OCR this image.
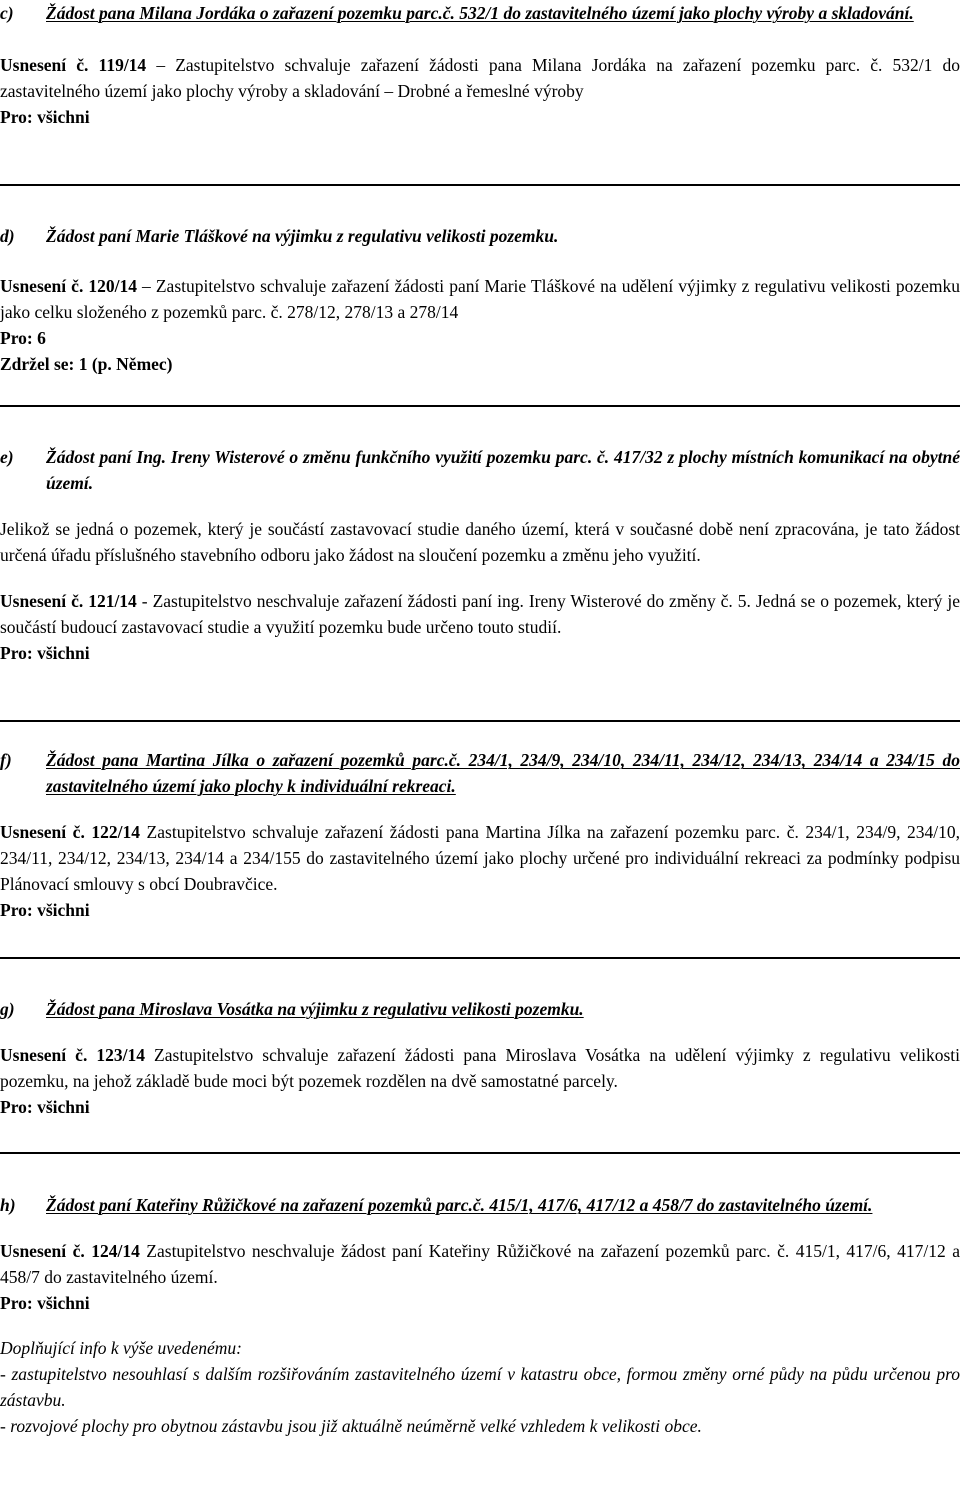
c)	Žádost pana Milana Jordáka o zařazení pozemku parc.č. 532/1 do zastavitelného území jako plochy výroby a skladování.
Usnesení č. 119/14 – Zastupitelstvo schvaluje zařazení žádosti pana Milana Jordáka na zařazení pozemku parc. č. 532/1 do zastavitelného území jako plochy výroby a skladování – Drobné a řemeslné výroby
Pro: všichni
d)	Žádost paní Marie Tláškové na výjimku z regulativu velikosti pozemku.
Usnesení č. 120/14 – Zastupitelstvo schvaluje zařazení žádosti paní Marie Tláškové na udělení výjimky z regulativu velikosti pozemku jako celku složeného z pozemků parc. č. 278/12, 278/13 a 278/14
Pro: 6
Zdržel se: 1 (p. Němec)
e)	Žádost paní Ing. Ireny Wisterové o změnu funkčního využití pozemku parc. č. 417/32 z plochy místních komunikací na obytné území.
Jelikož se jedná o pozemek, který je součástí zastavovací studie daného území, která v současné době není zpracována, je tato žádost určená úřadu příslušného stavebního odboru jako žádost na sloučení pozemku a změnu jeho využití.
Usnesení č. 121/14 - Zastupitelstvo neschvaluje zařazení žádosti paní ing. Ireny Wisterové do změny č. 5. Jedná se o pozemek, který je součástí budoucí zastavovací studie a využití pozemku bude určeno touto studií.
Pro: všichni
f)	Žádost pana Martina Jílka o zařazení pozemků parc.č. 234/1, 234/9, 234/10, 234/11, 234/12, 234/13, 234/14 a 234/15 do zastavitelného území jako plochy k individuální rekreaci.
Usnesení č. 122/14 Zastupitelstvo schvaluje zařazení žádosti pana Martina Jílka na zařazení pozemku parc. č. 234/1, 234/9, 234/10, 234/11, 234/12, 234/13, 234/14 a 234/155 do zastavitelného území jako plochy určené pro individuální rekreaci za podmínky podpisu Plánovací smlouvy s obcí Doubravčice.
Pro: všichni
g)	Žádost pana Miroslava Vosátka na výjimku z regulativu velikosti pozemku.
Usnesení č. 123/14 Zastupitelstvo schvaluje zařazení žádosti pana Miroslava Vosátka na udělení výjimky z regulativu velikosti pozemku, na jehož základě bude moci být pozemek rozdělen na dvě samostatné parcely.
Pro: všichni
h)	Žádost paní Kateřiny Růžičkové na zařazení pozemků parc.č. 415/1, 417/6, 417/12 a 458/7 do zastavitelného území.
Usnesení č. 124/14 Zastupitelstvo neschvaluje žádost paní Kateřiny Růžičkové na zařazení pozemků parc. č. 415/1, 417/6, 417/12 a 458/7 do zastavitelného území.
Pro: všichni
Doplňující info k výše uvedenému:
- zastupitelstvo nesouhlasí s dalším rozšiřováním zastavitelného území v katastru obce, formou změny orné půdy na půdu určenou pro zástavbu.
- rozvojové plochy pro obytnou zástavbu jsou již aktuálně neúměrně velké vzhledem k velikosti obce.
